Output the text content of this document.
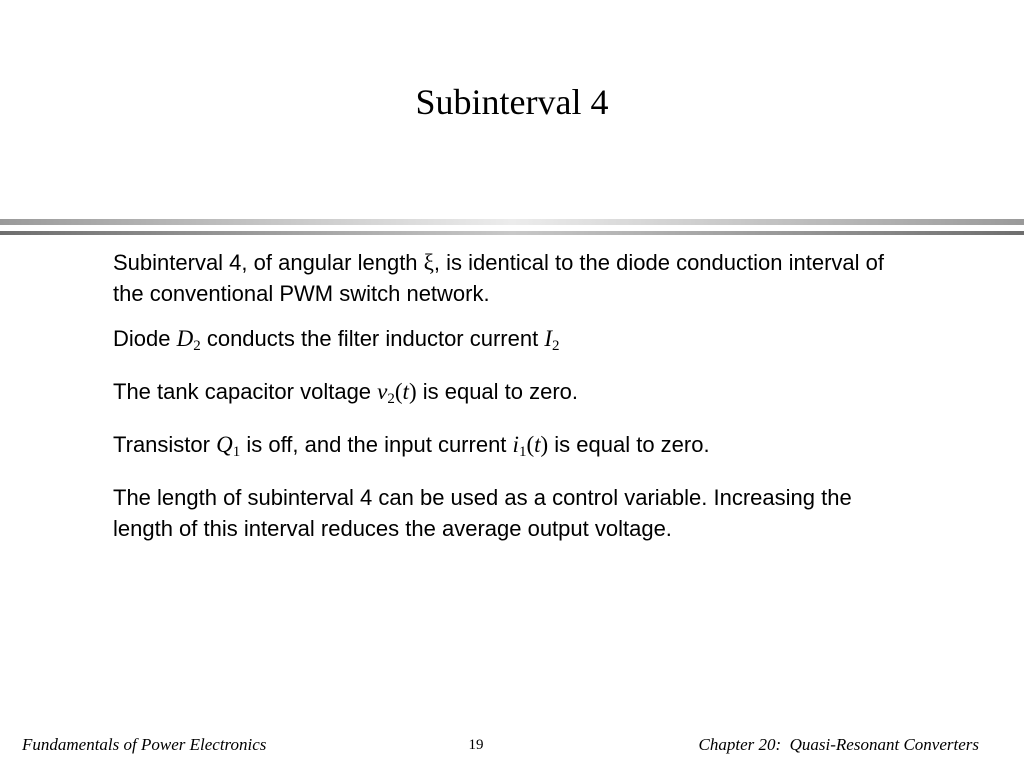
Subinterval 4

Subinterval 4, of angular length ξ, is identical to the diode conduction interval of the conventional PWM switch network.

Diode $D_2$ conducts the filter inductor current $I_2$

The tank capacitor voltage $v_2(t)$ is equal to zero.

Transistor $Q_1$ is off, and the input current $i_1(t)$ is equal to zero.

The length of subinterval 4 can be used as a control variable. Increasing the length of this interval reduces the average output voltage.

Fundamentals of Power Electronics	19	Chapter 20:  Quasi-Resonant Converters
